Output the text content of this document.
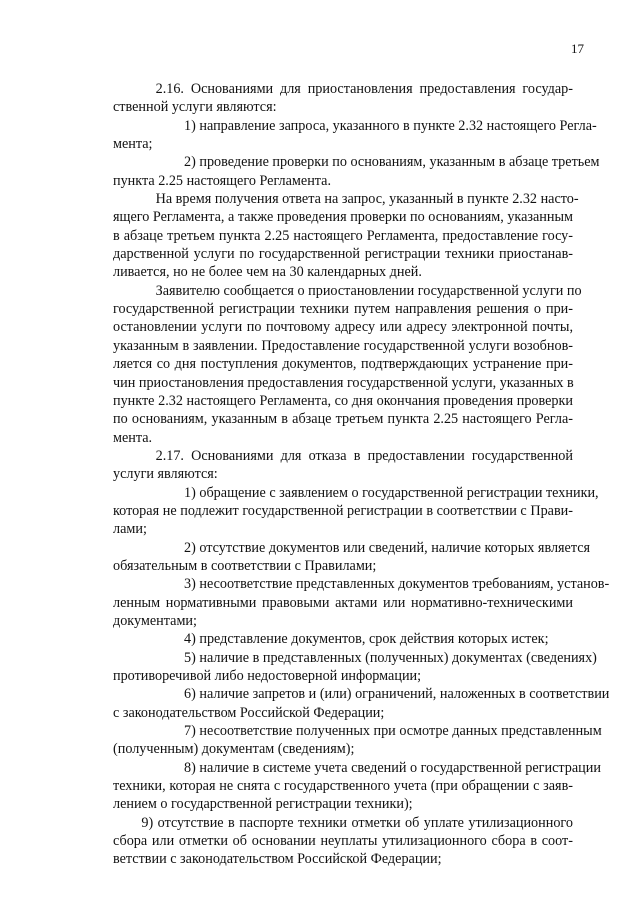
17
2.16. Основаниями для приостановления предоставления государ-
ственной услуги являются:
1) направление запроса, указанного в пункте 2.32 настоящего Регла-
мента;
2) проведение проверки по основаниям, указанным в абзаце третьем
пункта 2.25 настоящего Регламента.
На время получения ответа на запрос, указанный в пункте 2.32 насто-
ящего Регламента, а также проведения проверки по основаниям, указанным
в абзаце третьем пункта 2.25 настоящего Регламента, предоставление госу-
дарственной услуги по государственной регистрации техники приостанав-
ливается, но не более чем на 30 календарных дней.
Заявителю сообщается о приостановлении государственной услуги по
государственной регистрации техники путем направления решения о при-
остановлении услуги по почтовому адресу или адресу электронной почты,
указанным в заявлении. Предоставление государственной услуги возобнов-
ляется со дня поступления документов, подтверждающих устранение при-
чин приостановления предоставления государственной услуги, указанных в
пункте 2.32 настоящего Регламента, со дня окончания проведения проверки
по основаниям, указанным в абзаце третьем пункта 2.25 настоящего Регла-
мента.
2.17. Основаниями для отказа в предоставлении государственной
услуги являются:
1) обращение с заявлением о государственной регистрации техники,
которая не подлежит государственной регистрации в соответствии с Прави-
лами;
2) отсутствие документов или сведений, наличие которых является
обязательным в соответствии с Правилами;
3) несоответствие представленных документов требованиям, установ-
ленным нормативными правовыми актами или нормативно-техническими
документами;
4) представление документов, срок действия которых истек;
5) наличие в представленных (полученных) документах (сведениях)
противоречивой либо недостоверной информации;
6) наличие запретов и (или) ограничений, наложенных в соответствии
с законодательством Российской Федерации;
7) несоответствие полученных при осмотре данных представленным
(полученным) документам (сведениям);
8) наличие в системе учета сведений о государственной регистрации
техники, которая не снята с государственного учета (при обращении с заяв-
лением о государственной регистрации техники);
9) отсутствие в паспорте техники отметки об уплате утилизационного
сбора или отметки об основании неуплаты утилизационного сбора в соот-
ветствии с законодательством Российской Федерации;
